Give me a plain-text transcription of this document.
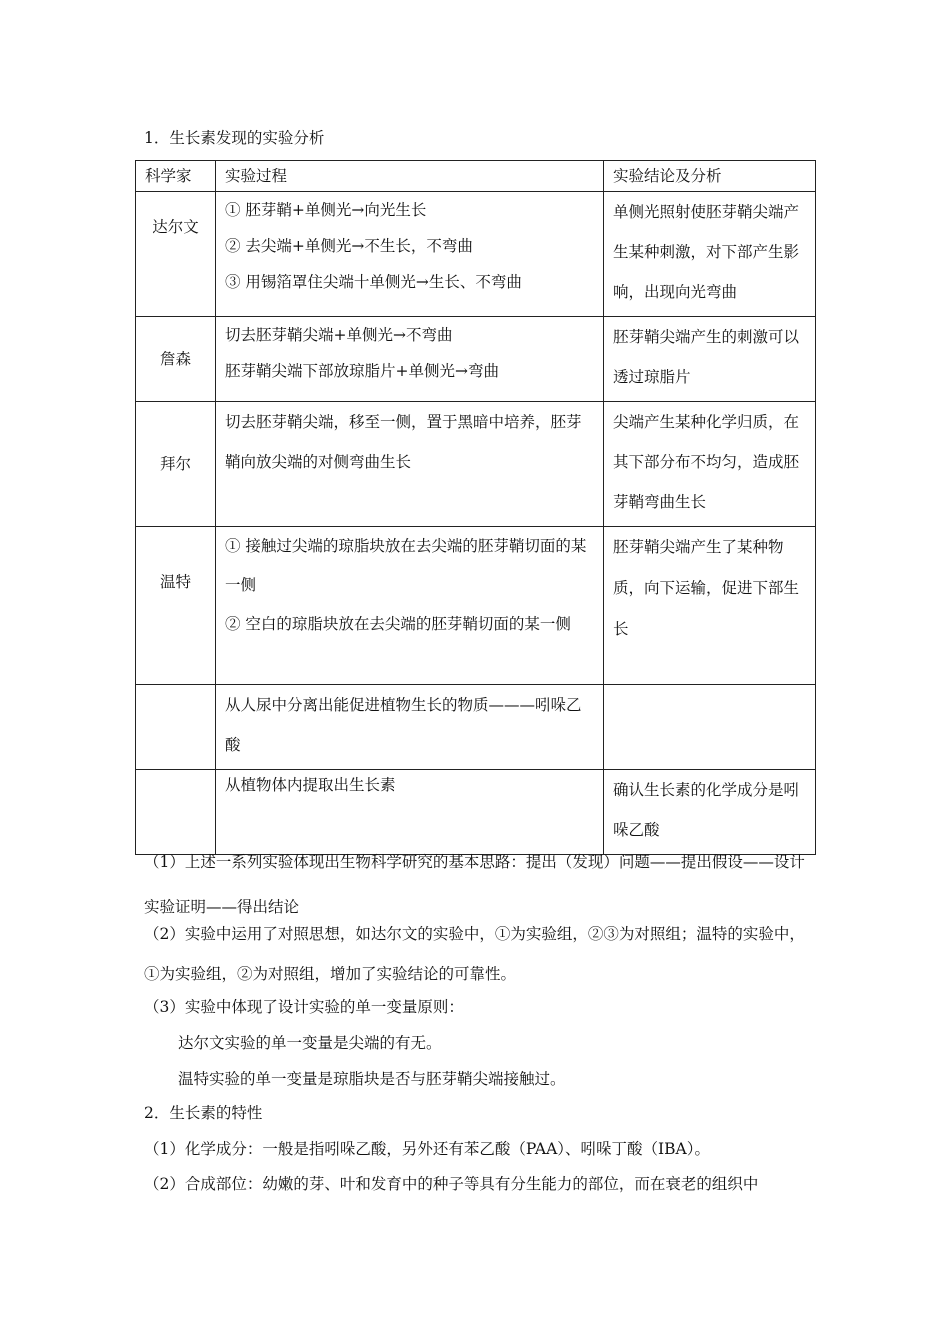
1．生长素发现的实验分析
科学家	实验过程	实验结论及分析
达尔文	① 胚芽鞘+单侧光→向光生长
② 去尖端+单侧光→不生长，不弯曲
③ 用锡箔罩住尖端十单侧光→生长、不弯曲	单侧光照射使胚芽鞘尖端产生某种刺激，对下部产生影响，出现向光弯曲
詹森	切去胚芽鞘尖端+单侧光→不弯曲
胚芽鞘尖端下部放琼脂片+单侧光→弯曲	胚芽鞘尖端产生的刺激可以透过琼脂片
拜尔	切去胚芽鞘尖端，移至一侧，置于黑暗中培养，胚芽鞘向放尖端的对侧弯曲生长	尖端产生某种化学归质，在其下部分布不均匀，造成胚芽鞘弯曲生长
温特	① 接触过尖端的琼脂块放在去尖端的胚芽鞘切面的某一侧
② 空白的琼脂块放在去尖端的胚芽鞘切面的某一侧	胚芽鞘尖端产生了某种物质，向下运输，促进下部生长
	从人尿中分离出能促进植物生长的物质———吲哚乙酸	
	从植物体内提取出生长素	确认生长素的化学成分是吲哚乙酸
（1）上述一系列实验体现出生物科学研究的基本思路：提出（发现）问题——提出假设——设计实验证明——得出结论
（2）实验中运用了对照思想，如达尔文的实验中，①为实验组，②③为对照组；温特的实验中，①为实验组，②为对照组，增加了实验结论的可靠性。
（3）实验中体现了设计实验的单一变量原则：
达尔文实验的单一变量是尖端的有无。
温特实验的单一变量是琼脂块是否与胚芽鞘尖端接触过。
2．生长素的特性
（1）化学成分：一般是指吲哚乙酸，另外还有苯乙酸（PAA）、吲哚丁酸（IBA）。
（2）合成部位：幼嫩的芽、叶和发育中的种子等具有分生能力的部位，而在衰老的组织中
